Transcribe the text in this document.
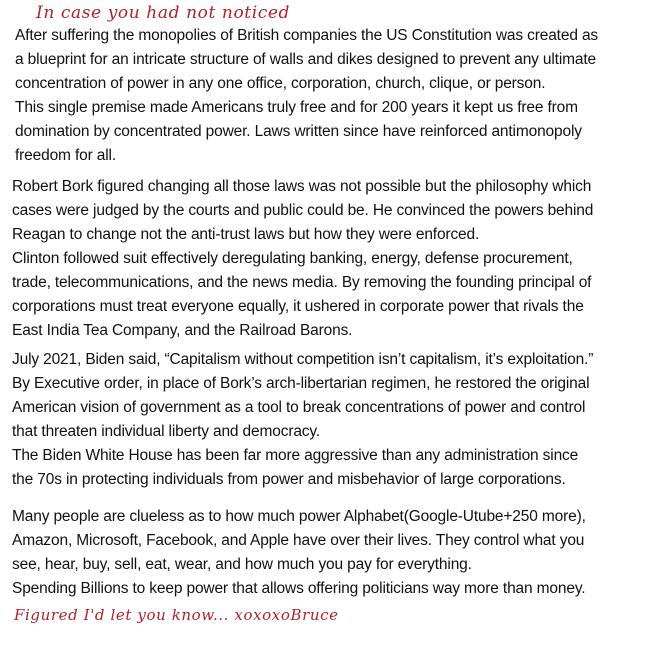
In case you had not noticed
After suffering the monopolies of British companies the US Constitution was created as
a blueprint for an intricate structure of walls and dikes designed to prevent any ultimate
concentration of power in any one office, corporation, church, clique, or person.
This single premise made Americans truly free and for 200 years it kept us free from
domination by concentrated power. Laws written since have reinforced antimonopoly
freedom for all.
Robert Bork figured changing all those laws was not possible but the philosophy which
cases were judged by the courts and public could be. He convinced the powers behind
Reagan to change not the anti-trust laws but how they were enforced.
Clinton followed suit effectively deregulating banking, energy, defense procurement,
trade, telecommunications, and the news media. By removing the founding principal of
corporations must treat everyone equally, it ushered in corporate power that rivals the
East India Tea Company, and the Railroad Barons.
July 2021, Biden said, “Capitalism without competition isn’t capitalism, it’s exploitation.”
By Executive order, in place of Bork’s arch-libertarian regimen, he restored the original
American vision of government as a tool to break concentrations of power and control
that threaten individual liberty and democracy.
The Biden White House has been far more aggressive than any administration since
the 70s in protecting individuals from power and misbehavior of large corporations.
Many people are clueless as to how much power Alphabet(Google-Utube+250 more),
Amazon, Microsoft, Facebook, and Apple have over their lives. They control what you
see, hear, buy, sell, eat, wear, and how much you pay for everything.
Spending Billions to keep power that allows offering politicians way more than money.
Figured I'd let you know... xoxoxoBruce
